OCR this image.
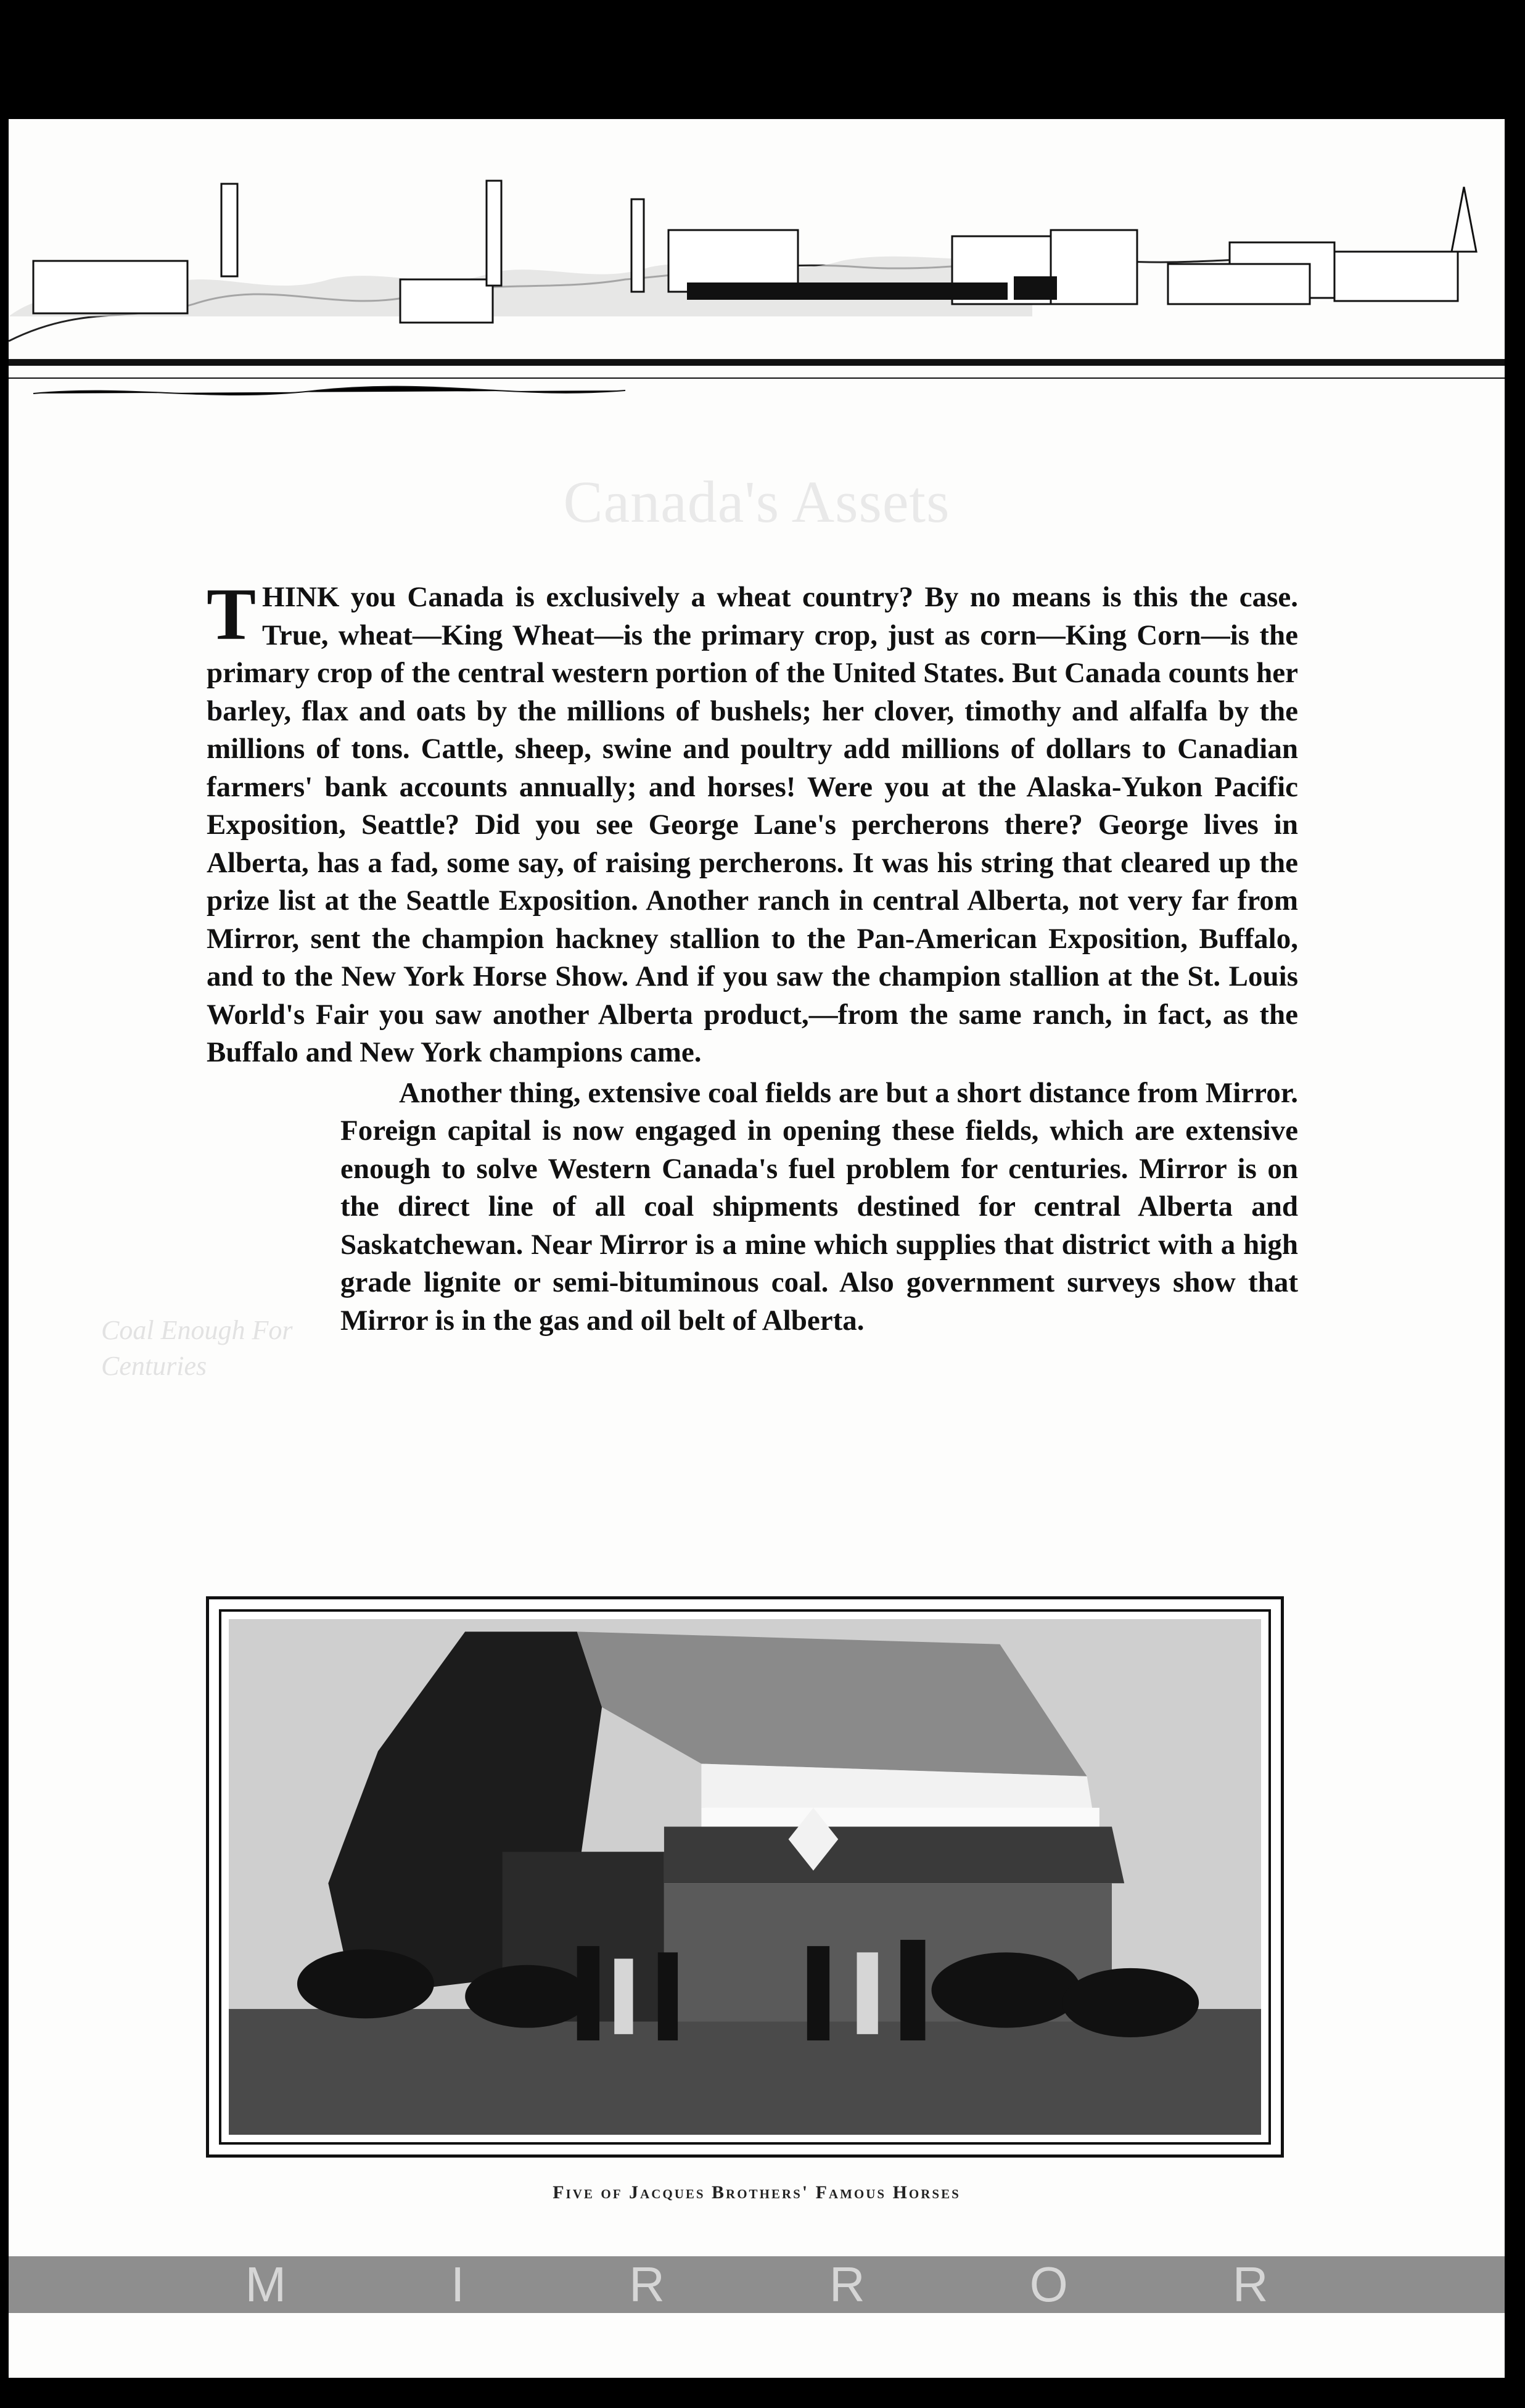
Canada's Assets
Coal Enough For Centuries

THINK you Canada is exclusively a wheat country? By no means is this the case. True, wheat—King Wheat—is the primary crop, just as corn—King Corn—is the primary crop of the central western portion of the United States. But Canada counts her barley, flax and oats by the millions of bushels; her clover, timothy and alfalfa by the millions of tons. Cattle, sheep, swine and poultry add millions of dollars to Canadian farmers' bank accounts annually; and horses! Were you at the Alaska-Yukon Pacific Exposition, Seattle? Did you see George Lane's percherons there? George lives in Alberta, has a fad, some say, of raising percherons. It was his string that cleared up the prize list at the Seattle Exposition. Another ranch in central Alberta, not very far from Mirror, sent the champion hackney stallion to the Pan-American Exposition, Buffalo, and to the New York Horse Show. And if you saw the champion stallion at the St. Louis World's Fair you saw another Alberta product,—from the same ranch, in fact, as the Buffalo and New York champions came.

Another thing, extensive coal fields are but a short distance from Mirror. Foreign capital is now engaged in opening these fields, which are extensive enough to solve Western Canada's fuel problem for centuries. Mirror is on the direct line of all coal shipments destined for central Alberta and Saskatchewan. Near Mirror is a mine which supplies that district with a high grade lignite or semi-bituminous coal. Also government surveys show that Mirror is in the gas and oil belt of Alberta.

Five of Jacques Brothers' Famous Horses
M	I	R	R	O	R
